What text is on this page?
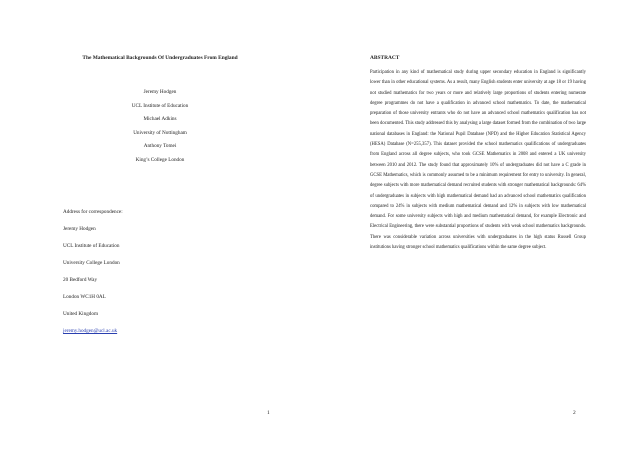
The Mathematical Backgrounds Of Undergraduates From England
Jeremy Hodgen
UCL Institute of Education
Michael Adkins
University of Nottingham
Anthony Tomei
King’s College London
Address for correspondence:
Jeremy Hodgen
UCL Institute of Education
University College London
20 Bedford Way
London WC1H 0AL
United Kingdom
jeremy.hodgen@ucl.ac.uk
1
ABSTRACT
Participation in any kind of mathematical study during upper secondary education in England is significantly lower than in other educational systems. As a result, many English students enter university at age 18 or 19 having not studied mathematics for two years or more and relatively large proportions of students entering numerate degree programmes do not have a qualification in advanced school mathematics. To date, the mathematical preparation of those university entrants who do not have an advanced school mathematics qualification has not been documented. This study addressed this by analysing a large dataset formed from the combination of two large national databases in England: the National Pupil Database (NPD) and the Higher Education Statistical Agency (HESA) Database (N=255,357). This dataset provided the school mathematics qualifications of undergraduates from England across all degree subjects, who took GCSE Mathematics in 2008 and entered a UK university between 2010 and 2012. The study found that approximately 10% of undergraduates did not have a C grade in GCSE Mathematics, which is commonly assumed to be a minimum requirement for entry to university. In general, degree subjects with more mathematical demand recruited students with stronger mathematical backgrounds: 64% of undergraduates in subjects with high mathematical demand had an advanced school mathematics qualification compared to 24% in subjects with medium mathematical demand and 12% in subjects with low mathematical demand. For some university subjects with high and medium mathematical demand, for example Electronic and Electrical Engineering, there were substantial proportions of students with weak school mathematics backgrounds. There was considerable variation across universities with undergraduates in the high status Russell Group institutions having stronger school mathematics qualifications within the same degree subject.
2
